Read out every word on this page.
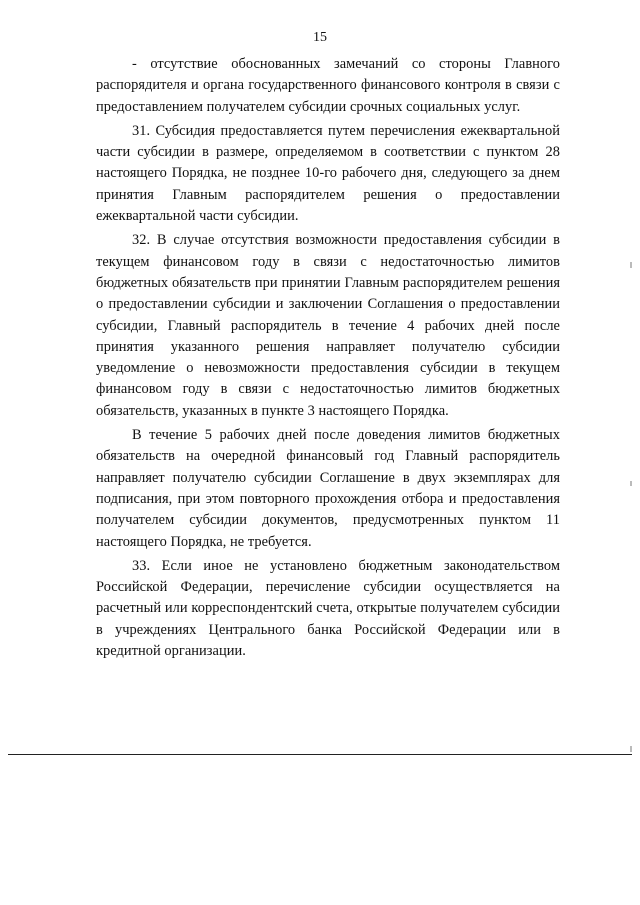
15

- отсутствие обоснованных замечаний со стороны Главного распорядителя и органа государственного финансового контроля в связи с предоставлением получателем субсидии срочных социальных услуг.

31. Субсидия предоставляется путем перечисления ежеквартальной части субсидии в размере, определяемом в соответствии с пунктом 28 настоящего Порядка, не позднее 10-го рабочего дня, следующего за днем принятия Главным распорядителем решения о предоставлении ежеквартальной части субсидии.

32. В случае отсутствия возможности предоставления субсидии в текущем финансовом году в связи с недостаточностью лимитов бюджетных обязательств при принятии Главным распорядителем решения о предоставлении субсидии и заключении Соглашения о предоставлении субсидии, Главный распорядитель в течение 4 рабочих дней после принятия указанного решения направляет получателю субсидии уведомление о невозможности предоставления субсидии в текущем финансовом году в связи с недостаточностью лимитов бюджетных обязательств, указанных в пункте 3 настоящего Порядка.

В течение 5 рабочих дней после доведения лимитов бюджетных обязательств на очередной финансовый год Главный распорядитель направляет получателю субсидии Соглашение в двух экземплярах для подписания, при этом повторного прохождения отбора и предоставления получателем субсидии документов, предусмотренных пунктом 11 настоящего Порядка, не требуется.

33. Если иное не установлено бюджетным законодательством Российской Федерации, перечисление субсидии осуществляется на расчетный или корреспондентский счета, открытые получателем субсидии в учреждениях Центрального банка Российской Федерации или в кредитной организации.
